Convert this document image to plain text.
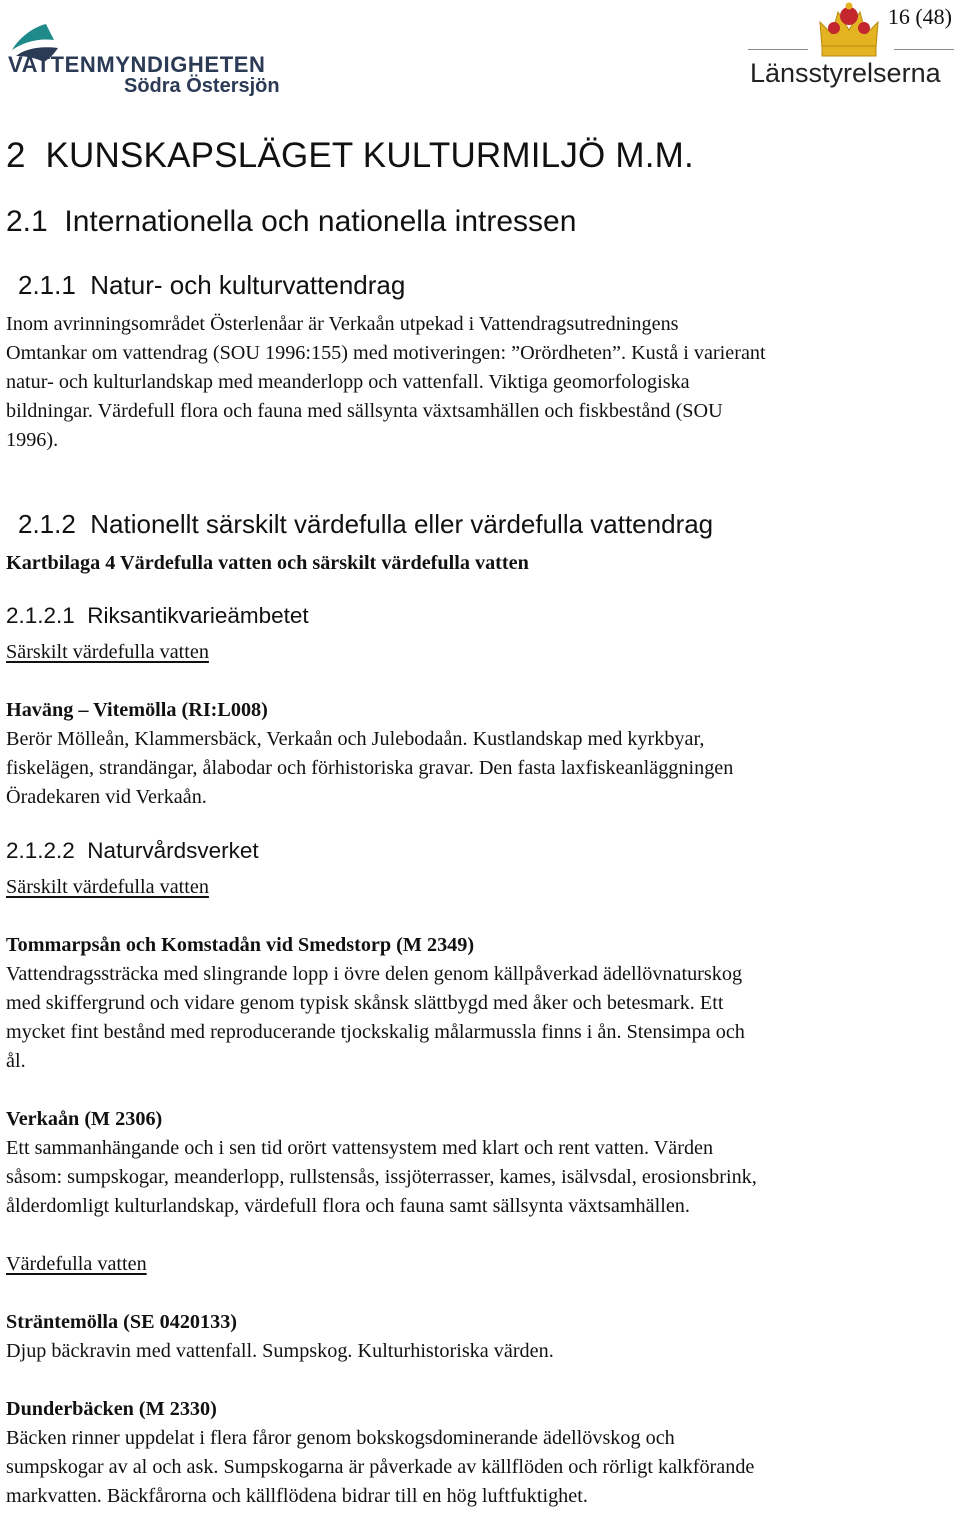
VATTENMYNDIGHETEN
Södra Östersjön	Länsstyrelserna
16 (48)
2  KUNSKAPSLÄGET KULTURMILJÖ M.M.
2.1  Internationella och nationella intressen
2.1.1  Natur- och kulturvattendrag
Inom avrinningsområdet Österlenåar är Verkaån utpekad i Vattendragsutredningens
Omtankar om vattendrag (SOU 1996:155) med motiveringen: ”Orördheten”. Kustå i varierant
natur- och kulturlandskap med meanderlopp och vattenfall. Viktiga geomorfologiska
bildningar. Värdefull flora och fauna med sällsynta växtsamhällen och fiskbestånd (SOU
1996).
2.1.2  Nationellt särskilt värdefulla eller värdefulla vattendrag
Kartbilaga 4 Värdefulla vatten och särskilt värdefulla vatten
2.1.2.1  Riksantikvarieämbetet
Särskilt värdefulla vatten
Haväng – Vitemölla (RI:L008)
Berör Mölleån, Klammersbäck, Verkaån och Julebodaån. Kustlandskap med kyrkbyar,
fiskelägen, strandängar, ålabodar och förhistoriska gravar. Den fasta laxfiskeanläggningen
Öradekaren vid Verkaån.
2.1.2.2  Naturvårdsverket
Särskilt värdefulla vatten
Tommarpsån och Komstadån vid Smedstorp (M 2349)
Vattendragssträcka med slingrande lopp i övre delen genom källpåverkad ädellövnaturskog
med skiffergrund och vidare genom typisk skånsk slättbygd med åker och betesmark. Ett
mycket fint bestånd med reproducerande tjockskalig målarmussla finns i ån. Stensimpa och
ål.
Verkaån (M 2306)
Ett sammanhängande och i sen tid orört vattensystem med klart och rent vatten. Värden
såsom: sumpskogar, meanderlopp, rullstensås, issjöterrasser, kames, isälvsdal, erosionsbrink,
ålderdomligt kulturlandskap, värdefull flora och fauna samt sällsynta växtsamhällen.
Värdefulla vatten
Sträntemölla (SE 0420133)
Djup bäckravin med vattenfall. Sumpskog. Kulturhistoriska värden.
Dunderbäcken (M 2330)
Bäcken rinner uppdelat i flera fåror genom bokskogsdominerande ädellövskog och
sumpskogar av al och ask. Sumpskogarna är påverkade av källflöden och rörligt kalkförande
markvatten. Bäckfårorna och källflödena bidrar till en hög luftfuktighet.
